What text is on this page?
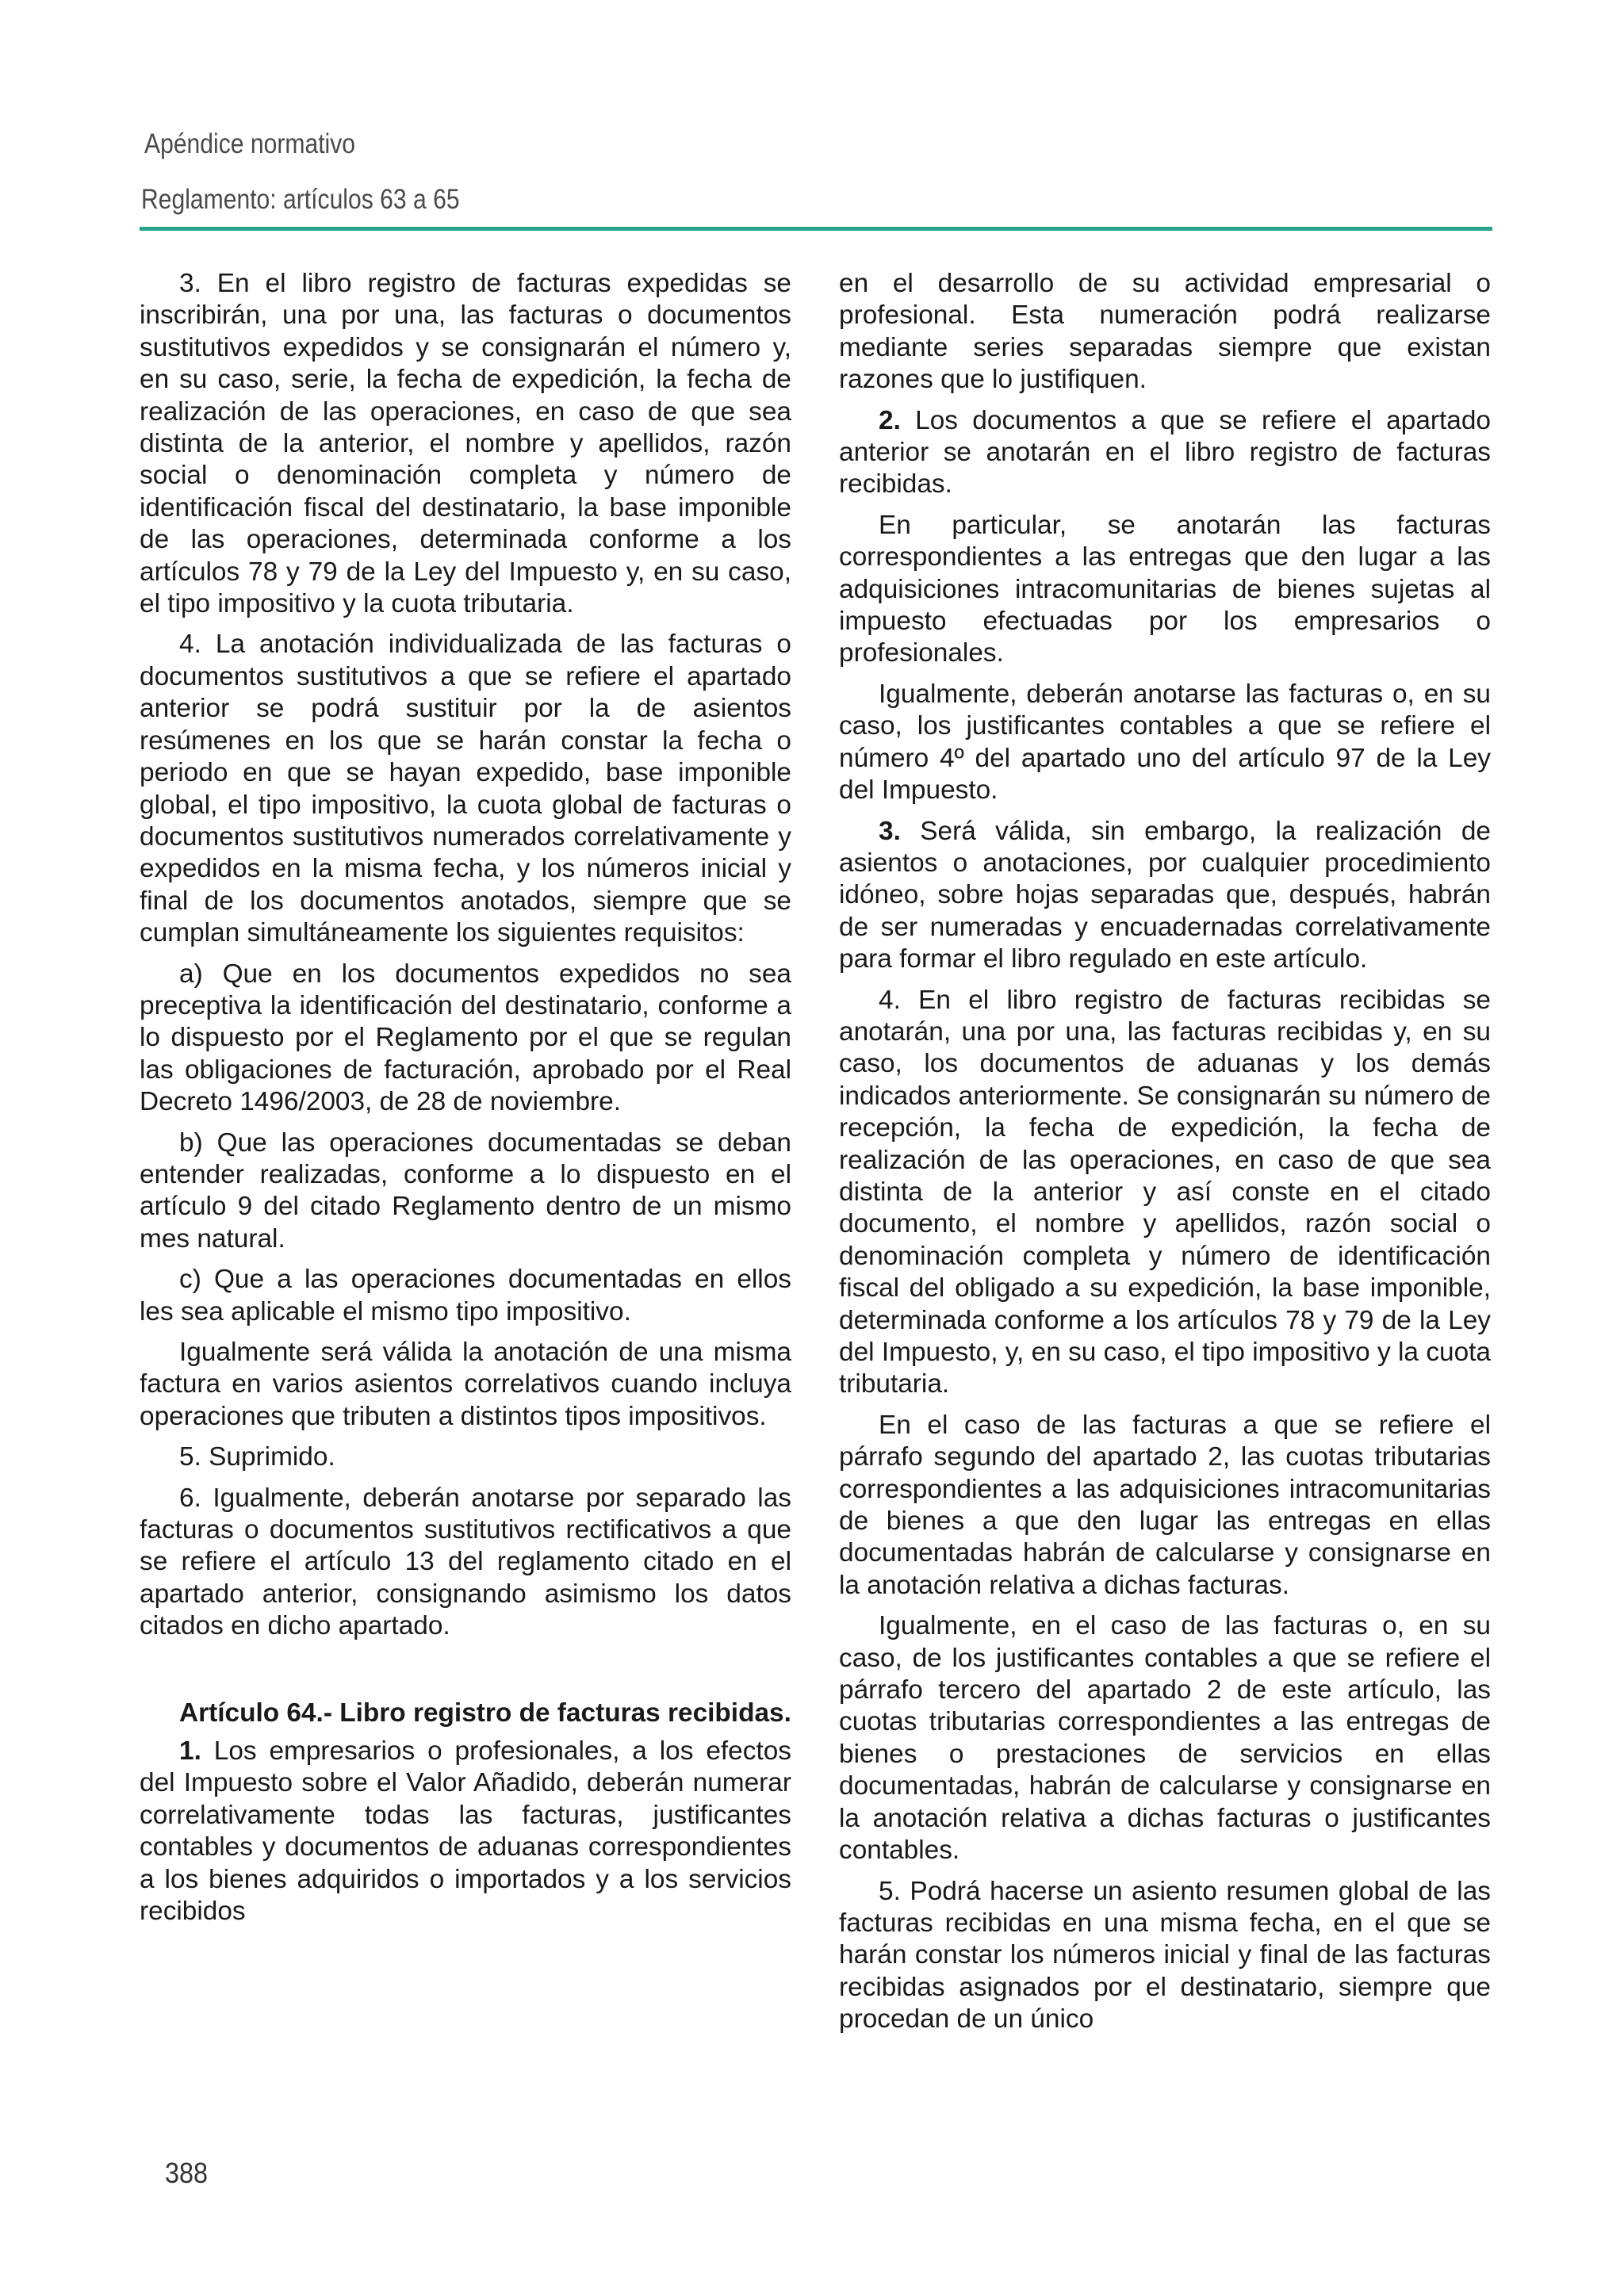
Apéndice normativo
Reglamento: artículos 63 a 65

3. En el libro registro de facturas expedidas se inscribirán, una por una, las facturas o documentos sustitutivos expedidos y se consignarán el número y, en su caso, serie, la fecha de expedición, la fecha de realización de las operaciones, en caso de que sea distinta de la anterior, el nombre y apellidos, razón social o denominación completa y número de identificación fiscal del destinatario, la base imponible de las operaciones, determinada conforme a los artículos 78 y 79 de la Ley del Impuesto y, en su caso, el tipo impositivo y la cuota tributaria.

4. La anotación individualizada de las facturas o documentos sustitutivos a que se refiere el apartado anterior se podrá sustituir por la de asientos resúmenes en los que se harán constar la fecha o periodo en que se hayan expedido, base imponible global, el tipo impositivo, la cuota global de facturas o documentos sustitutivos numerados correlativamente y expedidos en la misma fecha, y los números inicial y final de los documentos anotados, siempre que se cumplan simultáneamente los siguientes requisitos:

a) Que en los documentos expedidos no sea preceptiva la identificación del destinatario, conforme a lo dispuesto por el Reglamento por el que se regulan las obligaciones de facturación, aprobado por el Real Decreto 1496/2003, de 28 de noviembre.

b) Que las operaciones documentadas se deban entender realizadas, conforme a lo dispuesto en el artículo 9 del citado Reglamento dentro de un mismo mes natural.

c) Que a las operaciones documentadas en ellos les sea aplicable el mismo tipo impositivo.

Igualmente será válida la anotación de una misma factura en varios asientos correlativos cuando incluya operaciones que tributen a distintos tipos impositivos.

5. Suprimido.

6. Igualmente, deberán anotarse por separado las facturas o documentos sustitutivos rectificativos a que se refiere el artículo 13 del reglamento citado en el apartado anterior, consignando asimismo los datos citados en dicho apartado.

Artículo 64.- Libro registro de facturas recibidas.

1. Los empresarios o profesionales, a los efectos del Impuesto sobre el Valor Añadido, deberán numerar correlativamente todas las facturas, justificantes contables y documentos de aduanas correspondientes a los bienes adquiridos o importados y a los servicios recibidos

en el desarrollo de su actividad empresarial o profesional. Esta numeración podrá realizarse mediante series separadas siempre que existan razones que lo justifiquen.

2. Los documentos a que se refiere el apartado anterior se anotarán en el libro registro de facturas recibidas.

En particular, se anotarán las facturas correspondientes a las entregas que den lugar a las adquisiciones intracomunitarias de bienes sujetas al impuesto efectuadas por los empresarios o profesionales.

Igualmente, deberán anotarse las facturas o, en su caso, los justificantes contables a que se refiere el número 4º del apartado uno del artículo 97 de la Ley del Impuesto.

3. Será válida, sin embargo, la realización de asientos o anotaciones, por cualquier procedimiento idóneo, sobre hojas separadas que, después, habrán de ser numeradas y encuadernadas correlativamente para formar el libro regulado en este artículo.

4. En el libro registro de facturas recibidas se anotarán, una por una, las facturas recibidas y, en su caso, los documentos de aduanas y los demás indicados anteriormente. Se consignarán su número de recepción, la fecha de expedición, la fecha de realización de las operaciones, en caso de que sea distinta de la anterior y así conste en el citado documento, el nombre y apellidos, razón social o denominación completa y número de identificación fiscal del obligado a su expedición, la base imponible, determinada conforme a los artículos 78 y 79 de la Ley del Impuesto, y, en su caso, el tipo impositivo y la cuota tributaria.

En el caso de las facturas a que se refiere el párrafo segundo del apartado 2, las cuotas tributarias correspondientes a las adquisiciones intracomunitarias de bienes a que den lugar las entregas en ellas documentadas habrán de calcularse y consignarse en la anotación relativa a dichas facturas.

Igualmente, en el caso de las facturas o, en su caso, de los justificantes contables a que se refiere el párrafo tercero del apartado 2 de este artículo, las cuotas tributarias correspondientes a las entregas de bienes o prestaciones de servicios en ellas documentadas, habrán de calcularse y consignarse en la anotación relativa a dichas facturas o justificantes contables.

5. Podrá hacerse un asiento resumen global de las facturas recibidas en una misma fecha, en el que se harán constar los números inicial y final de las facturas recibidas asignados por el destinatario, siempre que procedan de un único

388
